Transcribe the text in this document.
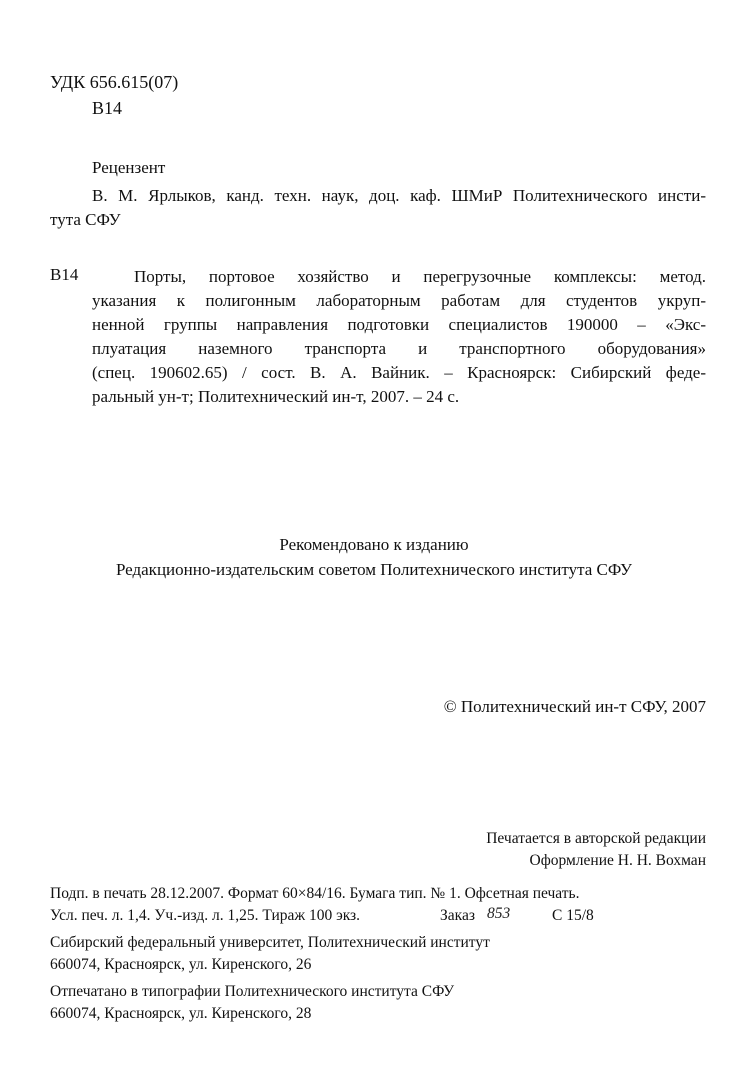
УДК 656.615(07)
В14
Рецензент
В. М. Ярлыков, канд. техн. наук, доц. каф. ШМиР Политехнического инсти-
тута СФУ
В14	Порты, портовое хозяйство и перегрузочные комплексы: метод.
указания к полигонным лабораторным работам для студентов укруп-
ненной группы направления подготовки специалистов 190000 – «Экс-
плуатация наземного транспорта и транспортного оборудования»
(спец. 190602.65) / сост. В. А. Вайник. – Красноярск: Сибирский феде-
ральный ун-т; Политехнический ин-т, 2007. – 24 с.
Рекомендовано к изданию
Редакционно-издательским советом Политехнического института СФУ
© Политехнический ин-т СФУ, 2007
Печатается в авторской редакции
Оформление Н. Н. Вохман
Подп. в печать 28.12.2007. Формат 60×84/16. Бумага тип. № 1. Офсетная печать.
Усл. печ. л. 1,4. Уч.-изд. л. 1,25. Тираж 100 экз.	Заказ 853	С 15/8
Сибирский федеральный университет, Политехнический институт
660074, Красноярск, ул. Киренского, 26
Отпечатано в типографии Политехнического института СФУ
660074, Красноярск, ул. Киренского, 28
